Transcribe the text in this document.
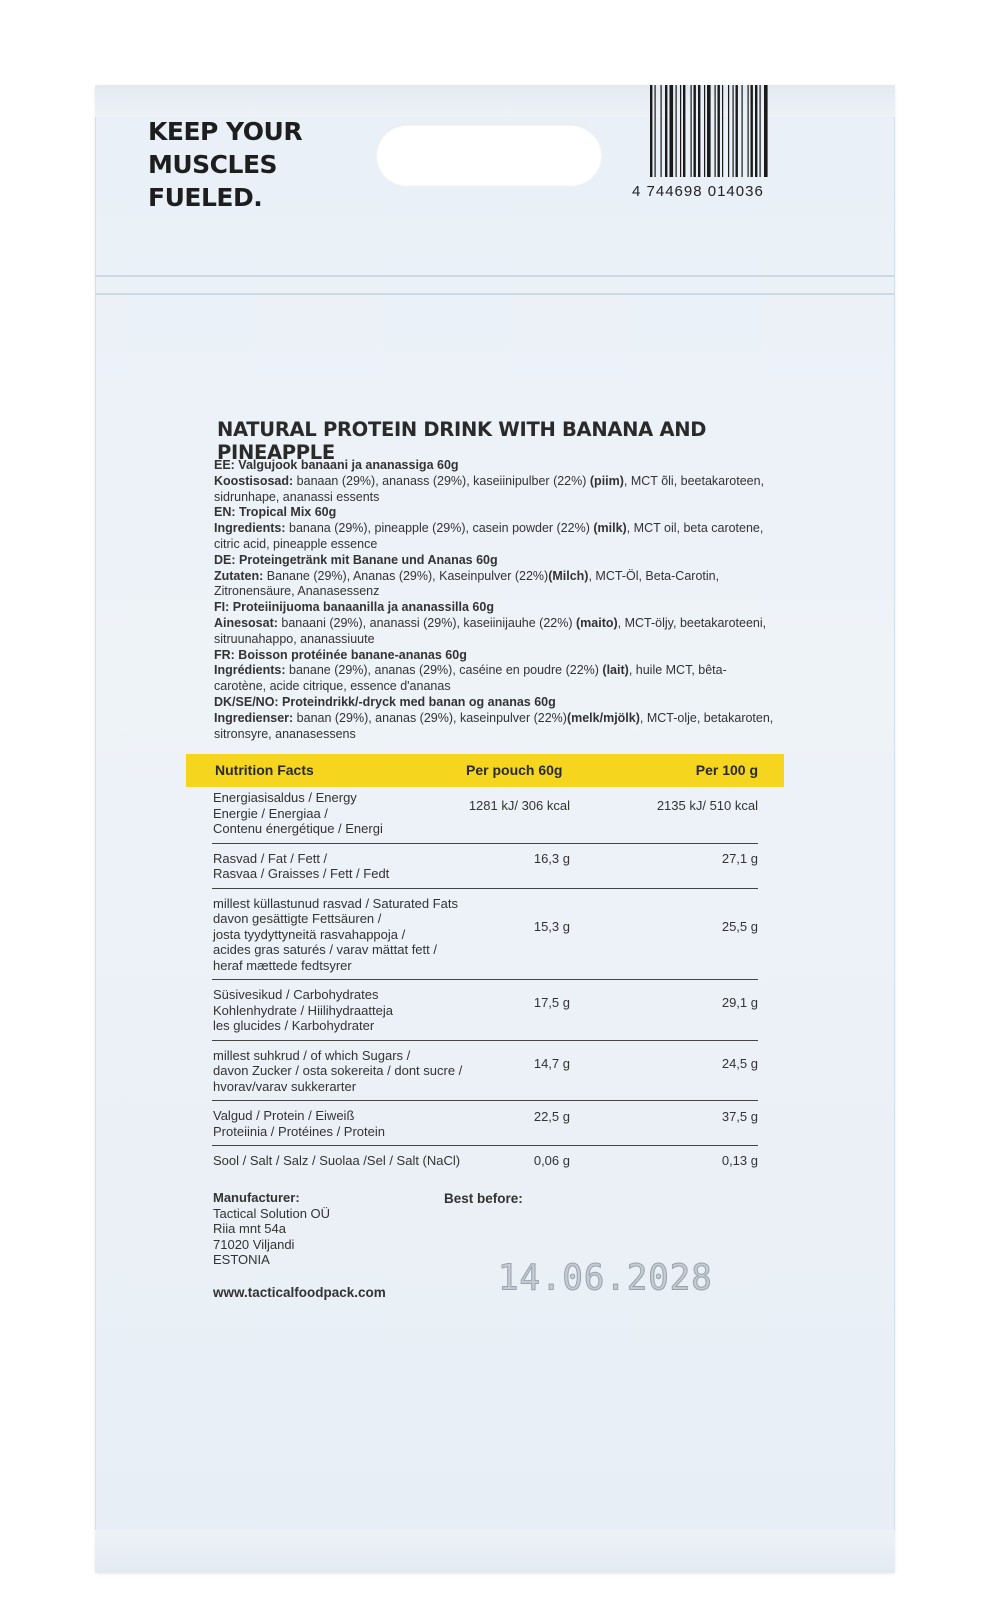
KEEP YOUR
MUSCLES
FUELED.	4 744698 014036
NATURAL PROTEIN DRINK WITH BANANA AND PINEAPPLE
EE: Valgujook banaani ja ananassiga 60g
Koostisosad: banaan (29%), ananass (29%), kaseiinipulber (22%) (piim), MCT õli, beetakaroteen, sidrunhape, ananassi essents
EN: Tropical Mix 60g
Ingredients: banana (29%), pineapple (29%), casein powder (22%) (milk), MCT oil, beta carotene, citric acid, pineapple essence
DE: Proteingetränk mit Banane und Ananas 60g
Zutaten: Banane (29%), Ananas (29%), Kaseinpulver (22%)(Milch), MCT-Öl, Beta-Carotin, Zitronensäure, Ananasessenz
FI: Proteiinijuoma banaanilla ja ananassilla 60g
Ainesosat: banaani (29%), ananassi (29%), kaseiinijauhe (22%) (maito), MCT-öljy, beetakaroteeni, sitruunahappo, ananassiuute
FR: Boisson protéinée banane-ananas 60g
Ingrédients: banane (29%), ananas (29%), caséine en poudre (22%) (lait), huile MCT, bêta-carotène, acide citrique, essence d'ananas
DK/SE/NO: Proteindrikk/-dryck med banan og ananas 60g
Ingredienser: banan (29%), ananas (29%), kaseinpulver (22%)(melk/mjölk), MCT-olje, betakaroten, sitronsyre, ananasessens
Nutrition Facts	Per pouch 60g	Per 100 g
Energiasisaldus / Energy
Energie / Energiaa /
Contenu énergétique / Energi
1281 kJ/ 306 kcal	2135 kJ/ 510 kcal
Rasvad / Fat / Fett /
Rasvaa / Graisses / Fett / Fedt
16,3 g	27,1 g
millest küllastunud rasvad / Saturated Fats
davon gesättigte Fettsäuren /
josta tyydyttyneitä rasvahappoja /
acides gras saturés / varav mättat fett /
heraf mættede fedtsyrer
15,3 g	25,5 g
Süsivesikud / Carbohydrates
Kohlenhydrate / Hiilihydraatteja
les glucides / Karbohydrater
17,5 g	29,1 g
millest suhkrud / of which Sugars /
davon Zucker / osta sokereita / dont sucre /
hvorav/varav sukkerarter
14,7 g	24,5 g
Valgud / Protein / Eiweiß
Proteiinia / Protéines / Protein
22,5 g	37,5 g
Sool / Salt / Salz / Suolaa /Sel / Salt (NaCl)	0,06 g	0,13 g
Manufacturer:
Tactical Solution OÜ
Riia mnt 54a
71020 Viljandi
ESTONIA
Best before:
14.06.2028
www.tacticalfoodpack.com
